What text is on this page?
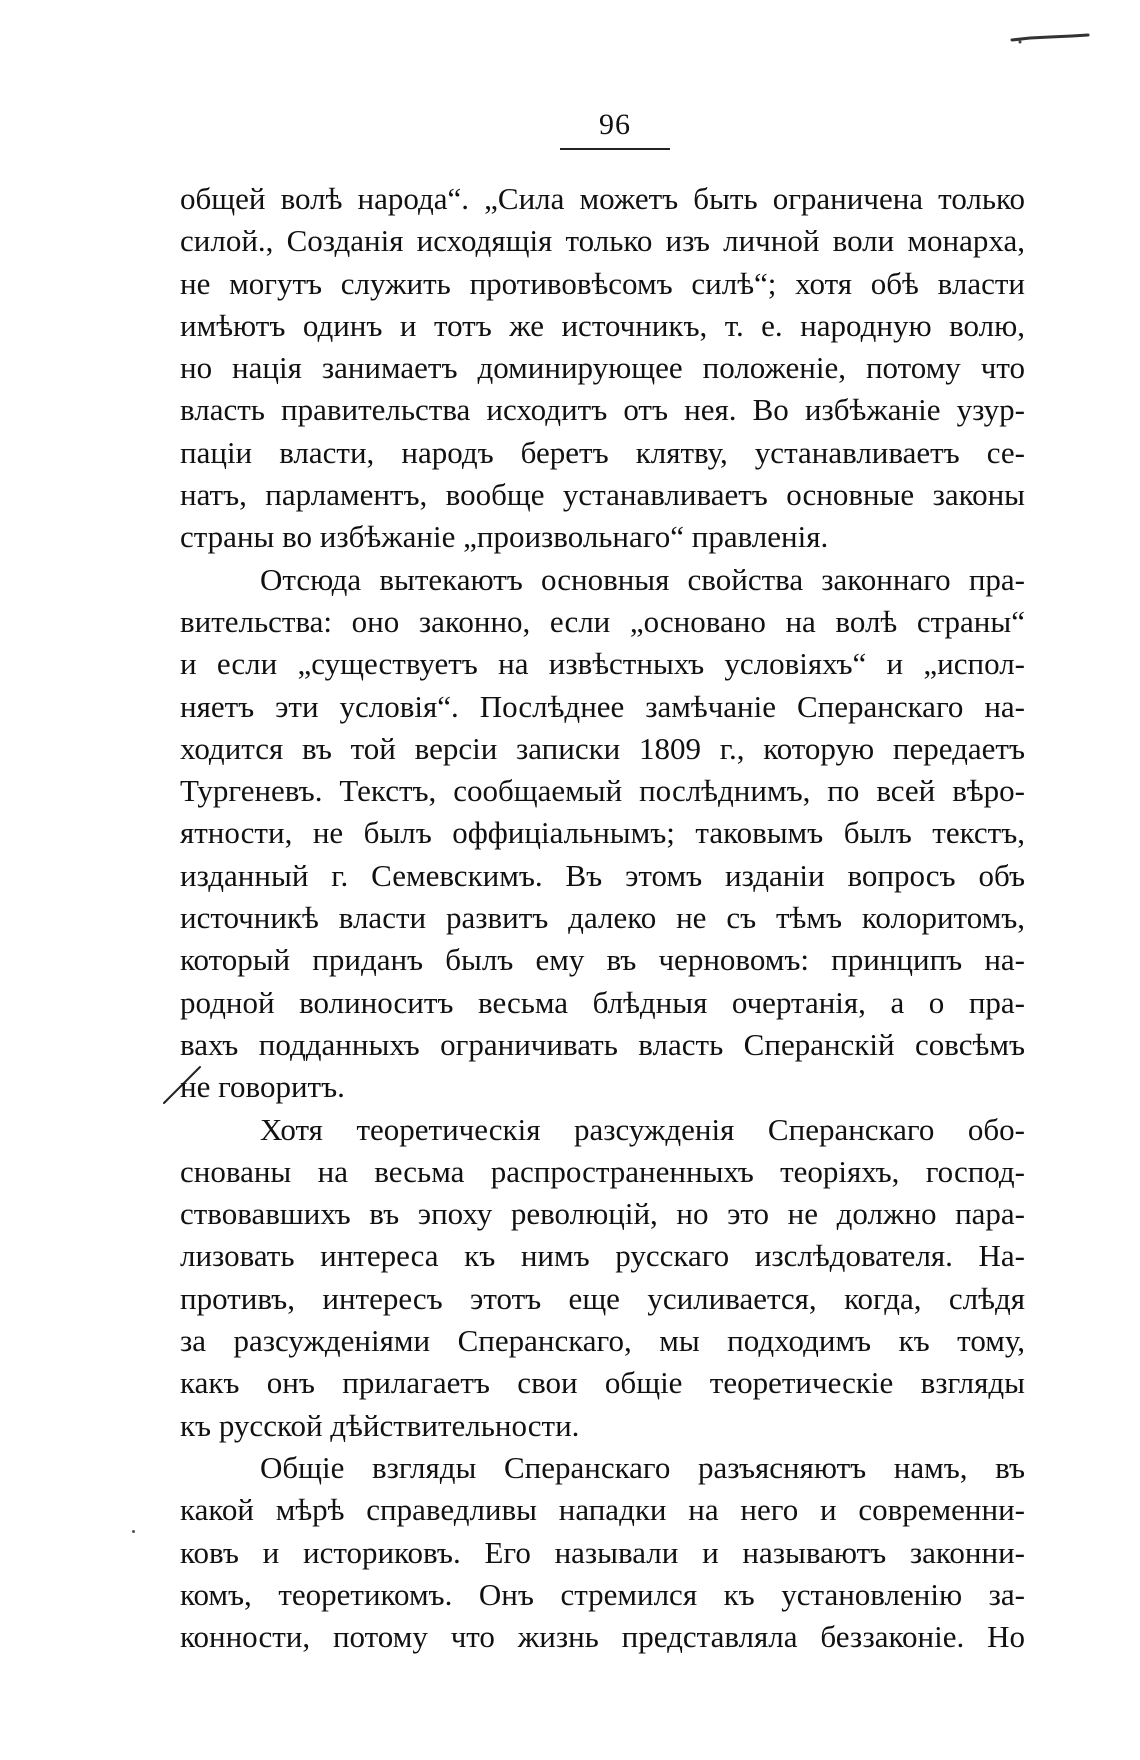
96
общей волѣ народа“. „Сила можетъ быть ограничена только
силой., Созданія исходящія только изъ личной воли монарха,
не могутъ служить противовѣсомъ силѣ“; хотя обѣ власти
имѣютъ одинъ и тотъ же источникъ, т. е. народную волю,
но нація занимаетъ доминирующее положеніе, потому что
власть правительства исходитъ отъ нея. Во избѣжаніе узур-
паціи власти, народъ беретъ клятву, устанавливаетъ се-
натъ, парламентъ, вообще устанавливаетъ основные законы
страны во избѣжаніе „произвольнаго“ правленія.
Отсюда вытекаютъ основныя свойства законнаго пра-
вительства: оно законно, если „основано на волѣ страны“
и если „существуетъ на извѣстныхъ условіяхъ“ и „испол-
няетъ эти условія“. Послѣднее замѣчаніе Сперанскаго на-
ходится въ той версіи записки 1809 г., которую передаетъ
Тургеневъ. Текстъ, сообщаемый послѣднимъ, по всей вѣро-
ятности, не былъ оффиціальнымъ; таковымъ былъ текстъ,
изданный г. Семевскимъ. Въ этомъ изданіи вопросъ объ
источникѣ власти развитъ далеко не съ тѣмъ колоритомъ,
который приданъ былъ ему въ черновомъ: принципъ на-
родной волиноситъ весьма блѣдныя очертанія, а о пра-
вахъ подданныхъ ограничивать власть Сперанскій совсѣмъ
не говоритъ.
Хотя теоретическія разсужденія Сперанскаго обо-
снованы на весьма распространенныхъ теоріяхъ, господ-
ствовавшихъ въ эпоху революцій, но это не должно пара-
лизовать интереса къ нимъ русскаго изслѣдователя. На-
противъ, интересъ этотъ еще усиливается, когда, слѣдя
за разсужденіями Сперанскаго, мы подходимъ къ тому,
какъ онъ прилагаетъ свои общіе теоретическіе взгляды
къ русской дѣйствительности.
Общіе взгляды Сперанскаго разъясняютъ намъ, въ
какой мѣрѣ справедливы нападки на него и современни-
ковъ и историковъ. Его называли и называютъ законни-
комъ, теоретикомъ. Онъ стремился къ установленію за-
конности, потому что жизнь представляла беззаконіе. Но
